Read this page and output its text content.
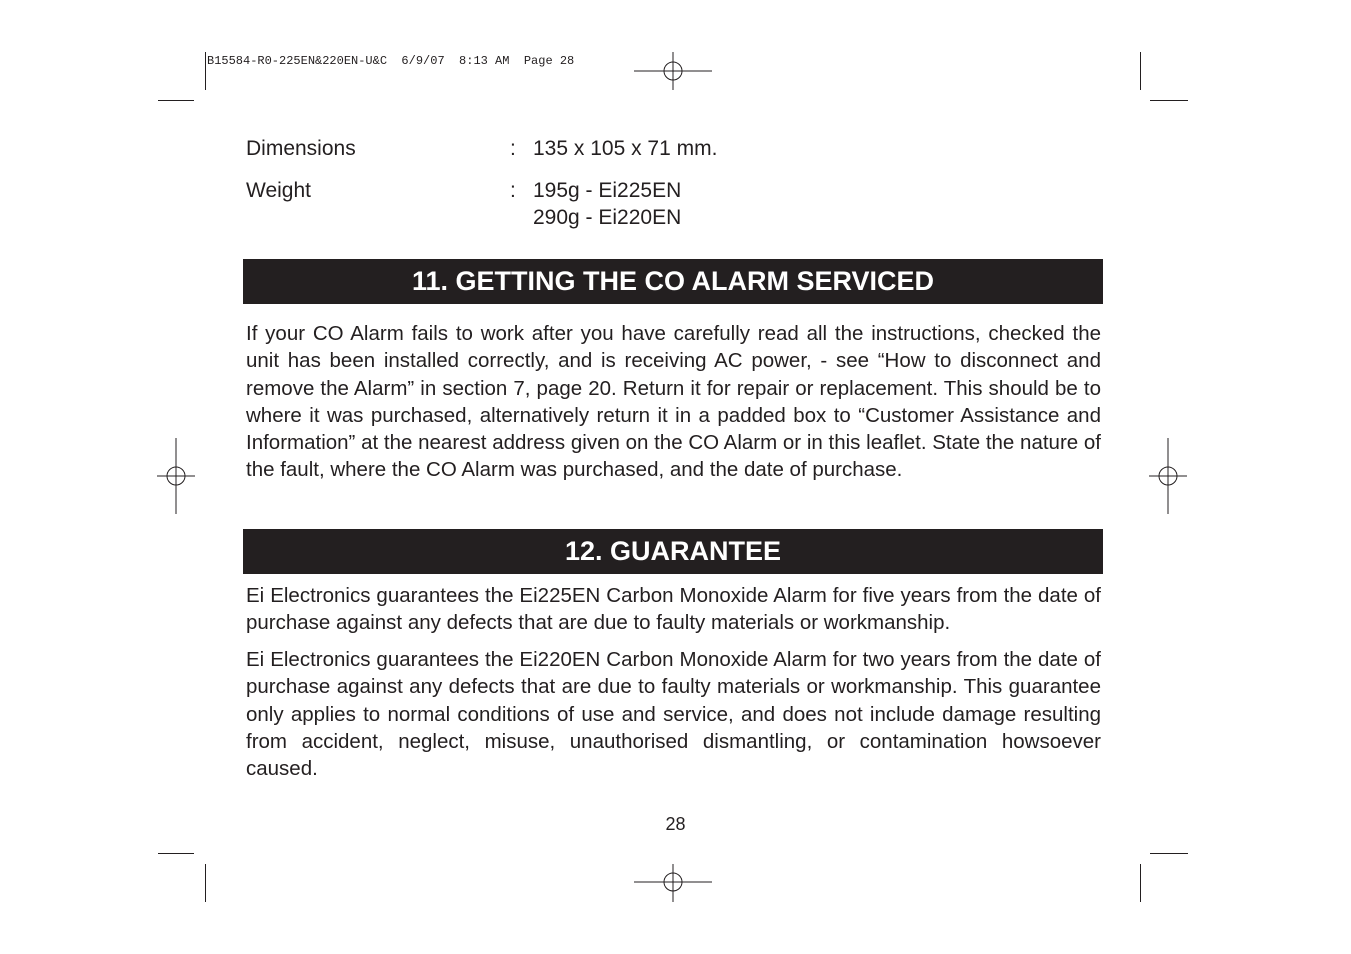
B15584-R0-225EN&220EN-U&C  6/9/07  8:13 AM  Page 28
Dimensions	: 135 x 105 x 71 mm.
Weight	: 195g - Ei225EN
290g - Ei220EN
11. GETTING THE CO ALARM SERVICED

If your CO Alarm fails to work after you have carefully read all the instructions, checked the unit has been installed correctly, and is receiving AC power, - see “How to disconnect and remove the Alarm” in section 7, page 20. Return it for repair or replacement. This should be to where it was purchased, alternatively return it in a padded box to “Customer Assistance and Information” at the nearest address given on the CO Alarm or in this leaflet. State the nature of the fault, where the CO Alarm was purchased, and the date of purchase.

12. GUARANTEE

Ei Electronics guarantees the Ei225EN Carbon Monoxide Alarm for five years from the date of purchase against any defects that are due to faulty materials or workmanship.

Ei Electronics guarantees the Ei220EN Carbon Monoxide Alarm for two years from the date of purchase against any defects that are due to faulty materials or workmanship. This guarantee only applies to normal conditions of use and service, and does not include damage resulting from accident, neglect, misuse, unauthorised dismantling, or contamination howsoever caused.

28
